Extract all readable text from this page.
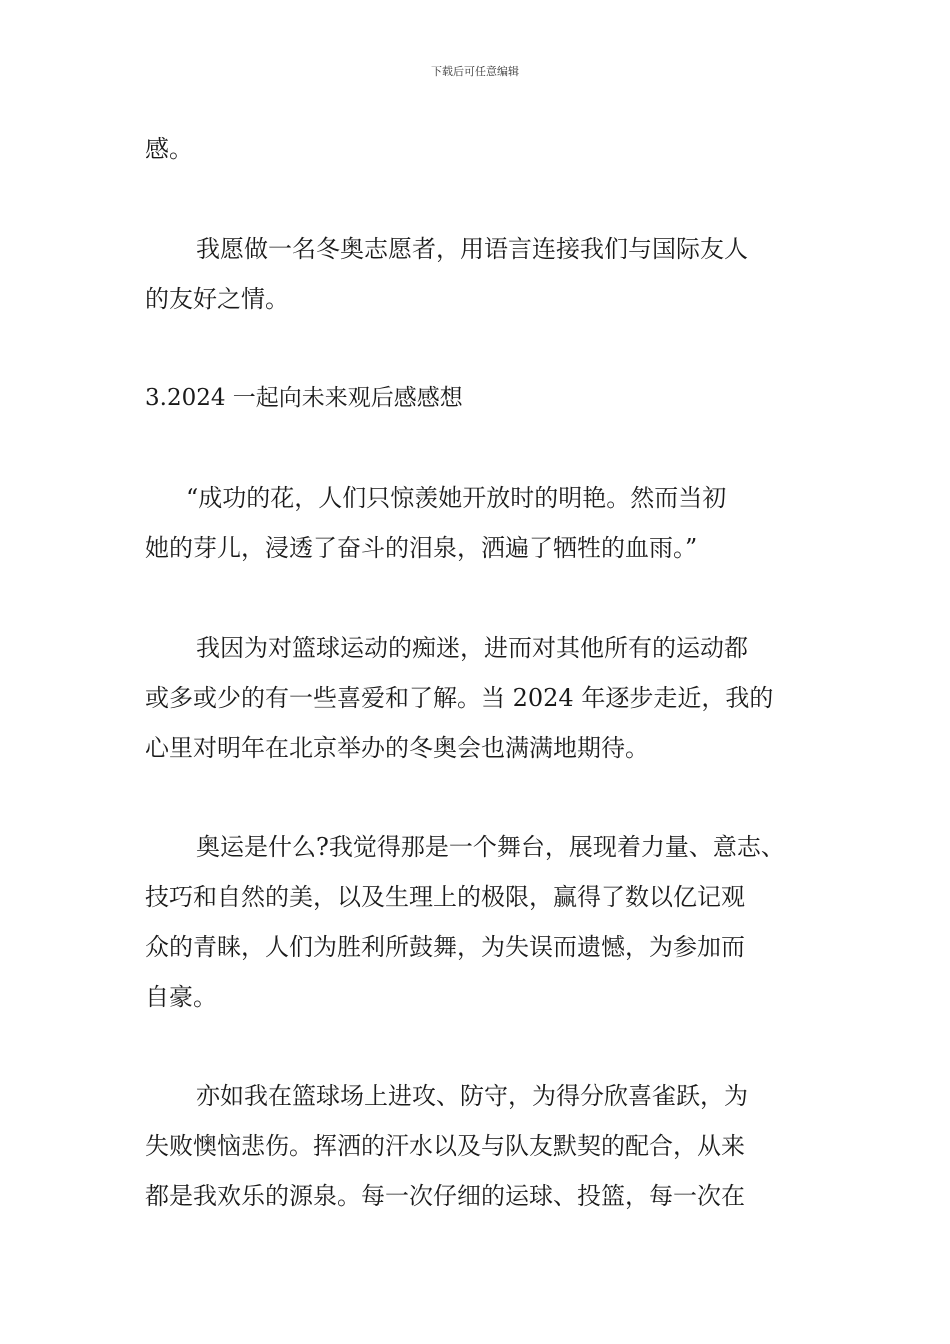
下载后可任意编辑
感。
我愿做一名冬奥志愿者，用语言连接我们与国际友人
的友好之情。
3.2024 一起向未来观后感感想
“成功的花，人们只惊羡她开放时的明艳。然而当初
她的芽儿，浸透了奋斗的泪泉，洒遍了牺牲的血雨。”
我因为对篮球运动的痴迷，进而对其他所有的运动都
或多或少的有一些喜爱和了解。当 2024 年逐步走近，我的
心里对明年在北京举办的冬奥会也满满地期待。
奥运是什么?我觉得那是一个舞台，展现着力量、意志、
技巧和自然的美，以及生理上的极限，赢得了数以亿记观
众的青睐，人们为胜利所鼓舞，为失误而遗憾，为参加而
自豪。
亦如我在篮球场上进攻、防守，为得分欣喜雀跃，为
失败懊恼悲伤。挥洒的汗水以及与队友默契的配合，从来
都是我欢乐的源泉。每一次仔细的运球、投篮，每一次在
